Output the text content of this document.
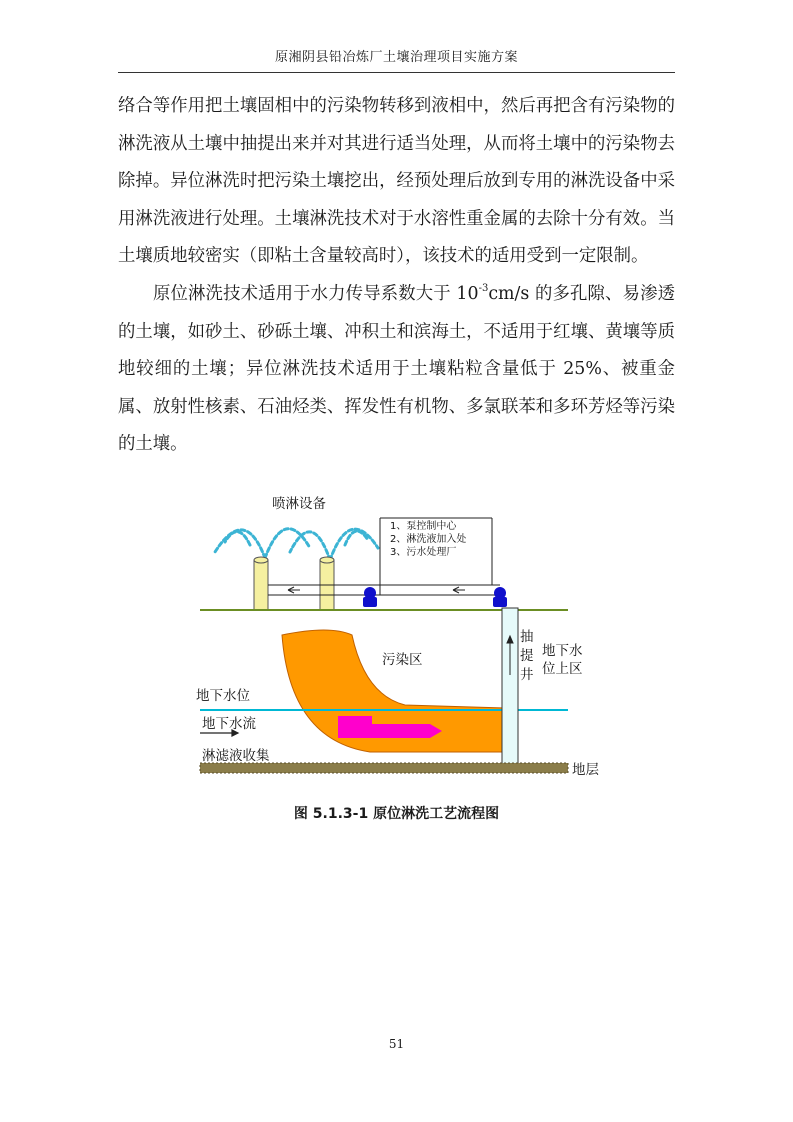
原湘阴县铅冶炼厂土壤治理项目实施方案

络合等作用把土壤固相中的污染物转移到液相中，然后再把含有污染物的淋洗液从土壤中抽提出来并对其进行适当处理，从而将土壤中的污染物去除掉。异位淋洗时把污染土壤挖出，经预处理后放到专用的淋洗设备中采用淋洗液进行处理。土壤淋洗技术对于水溶性重金属的去除十分有效。当土壤质地较密实（即粘土含量较高时），该技术的适用受到一定限制。

原位淋洗技术适用于水力传导系数大于 $10^{-3}cm/s$ 的多孔隙、易渗透的土壤，如砂土、砂砾土壤、冲积土和滨海土，不适用于红壤、黄壤等质地较细的土壤；异位淋洗技术适用于土壤粘粒含量低于 25%、被重金属、放射性核素、石油烃类、挥发性有机物、多氯联苯和多环芳烃等污染的土壤。

喷淋设备
1、泵控制中心
2、淋洗液加入处
3、污水处理厂
抽
提
井
地下水
位上区
污染区
地下水位
地下水流
淋滤液收集
地层
图 5.1.3-1 原位淋洗工艺流程图
51
